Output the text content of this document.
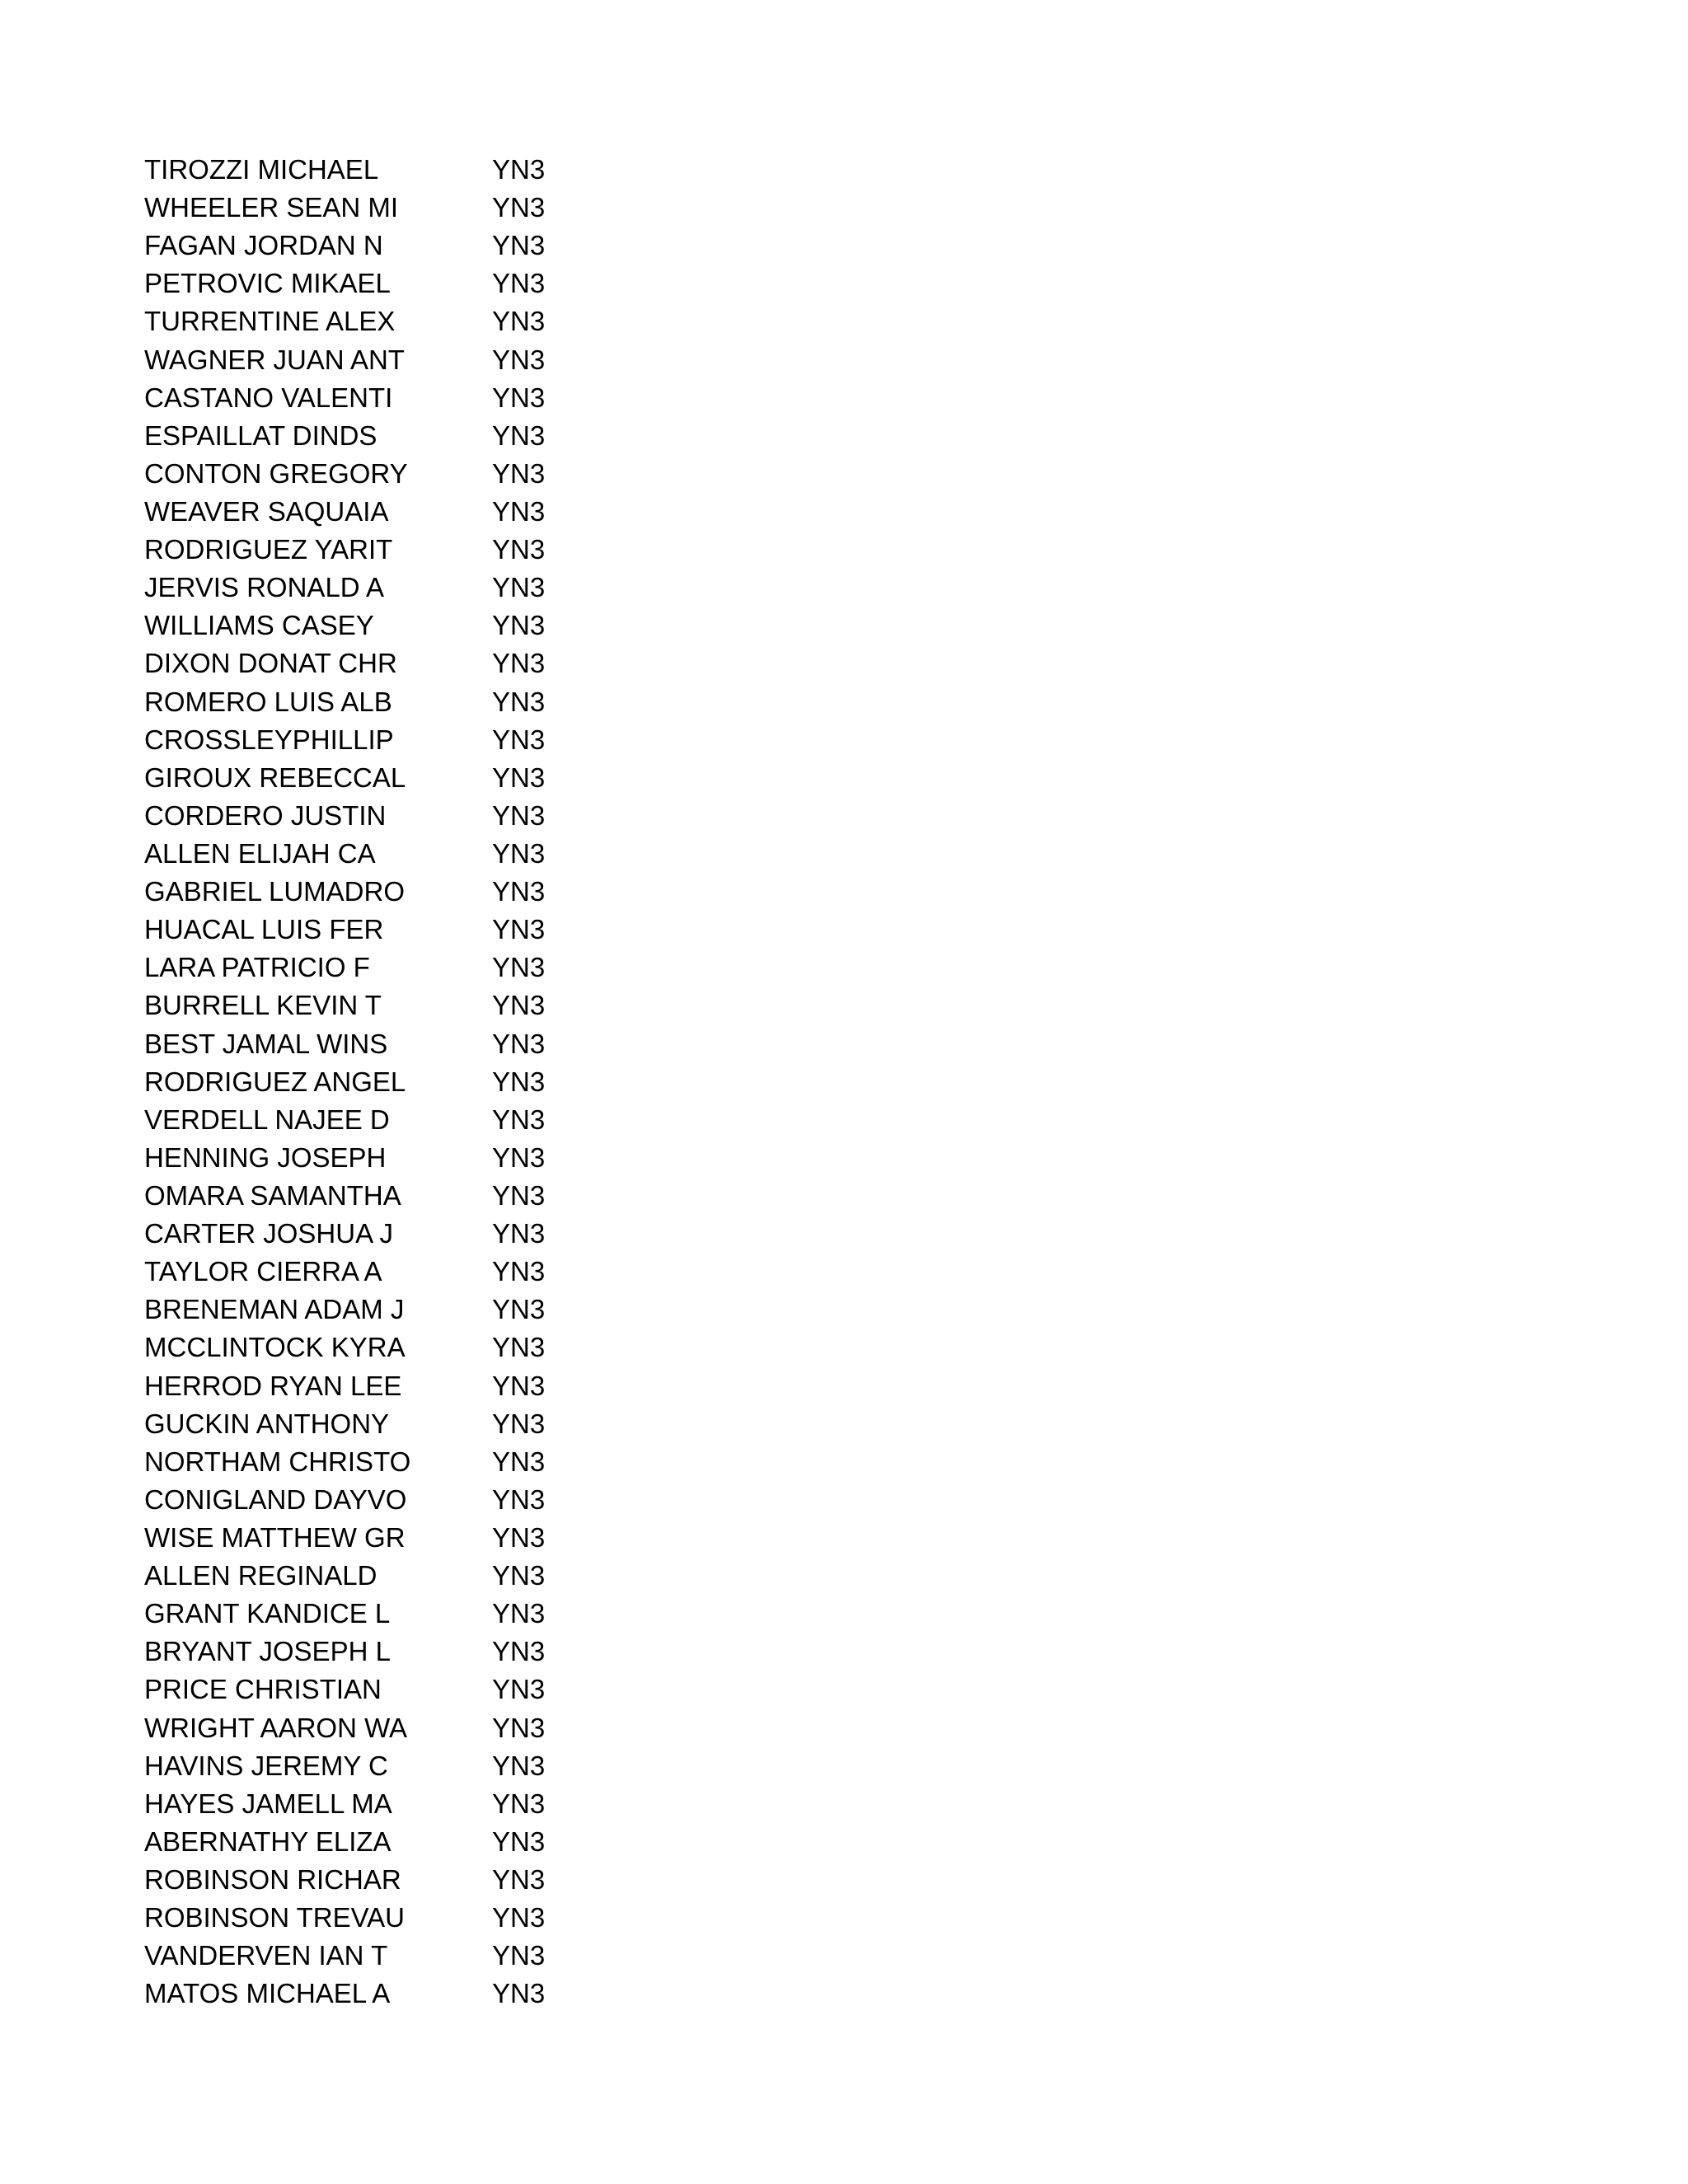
TIROZZI MICHAEL	YN3
WHEELER SEAN MI	YN3
FAGAN JORDAN N	YN3
PETROVIC MIKAEL	YN3
TURRENTINE ALEX	YN3
WAGNER JUAN ANT	YN3
CASTANO VALENTI	YN3
ESPAILLAT DINDS	YN3
CONTON GREGORY	YN3
WEAVER SAQUAIA	YN3
RODRIGUEZ YARIT	YN3
JERVIS RONALD A	YN3
WILLIAMS CASEY	YN3
DIXON DONAT CHR	YN3
ROMERO LUIS ALB	YN3
CROSSLEYPHILLIP	YN3
GIROUX REBECCAL	YN3
CORDERO JUSTIN	YN3
ALLEN ELIJAH CA	YN3
GABRIEL LUMADRO	YN3
HUACAL LUIS FER	YN3
LARA PATRICIO F	YN3
BURRELL KEVIN T	YN3
BEST JAMAL WINS	YN3
RODRIGUEZ ANGEL	YN3
VERDELL NAJEE D	YN3
HENNING JOSEPH	YN3
OMARA SAMANTHA	YN3
CARTER JOSHUA J	YN3
TAYLOR CIERRA A	YN3
BRENEMAN ADAM J	YN3
MCCLINTOCK KYRA	YN3
HERROD RYAN LEE	YN3
GUCKIN ANTHONY	YN3
NORTHAM CHRISTO	YN3
CONIGLAND DAYVO	YN3
WISE MATTHEW GR	YN3
ALLEN REGINALD	YN3
GRANT KANDICE L	YN3
BRYANT JOSEPH L	YN3
PRICE CHRISTIAN	YN3
WRIGHT AARON WA	YN3
HAVINS JEREMY C	YN3
HAYES JAMELL MA	YN3
ABERNATHY ELIZA	YN3
ROBINSON RICHAR	YN3
ROBINSON TREVAU	YN3
VANDERVEN IAN T	YN3
MATOS MICHAEL A	YN3
